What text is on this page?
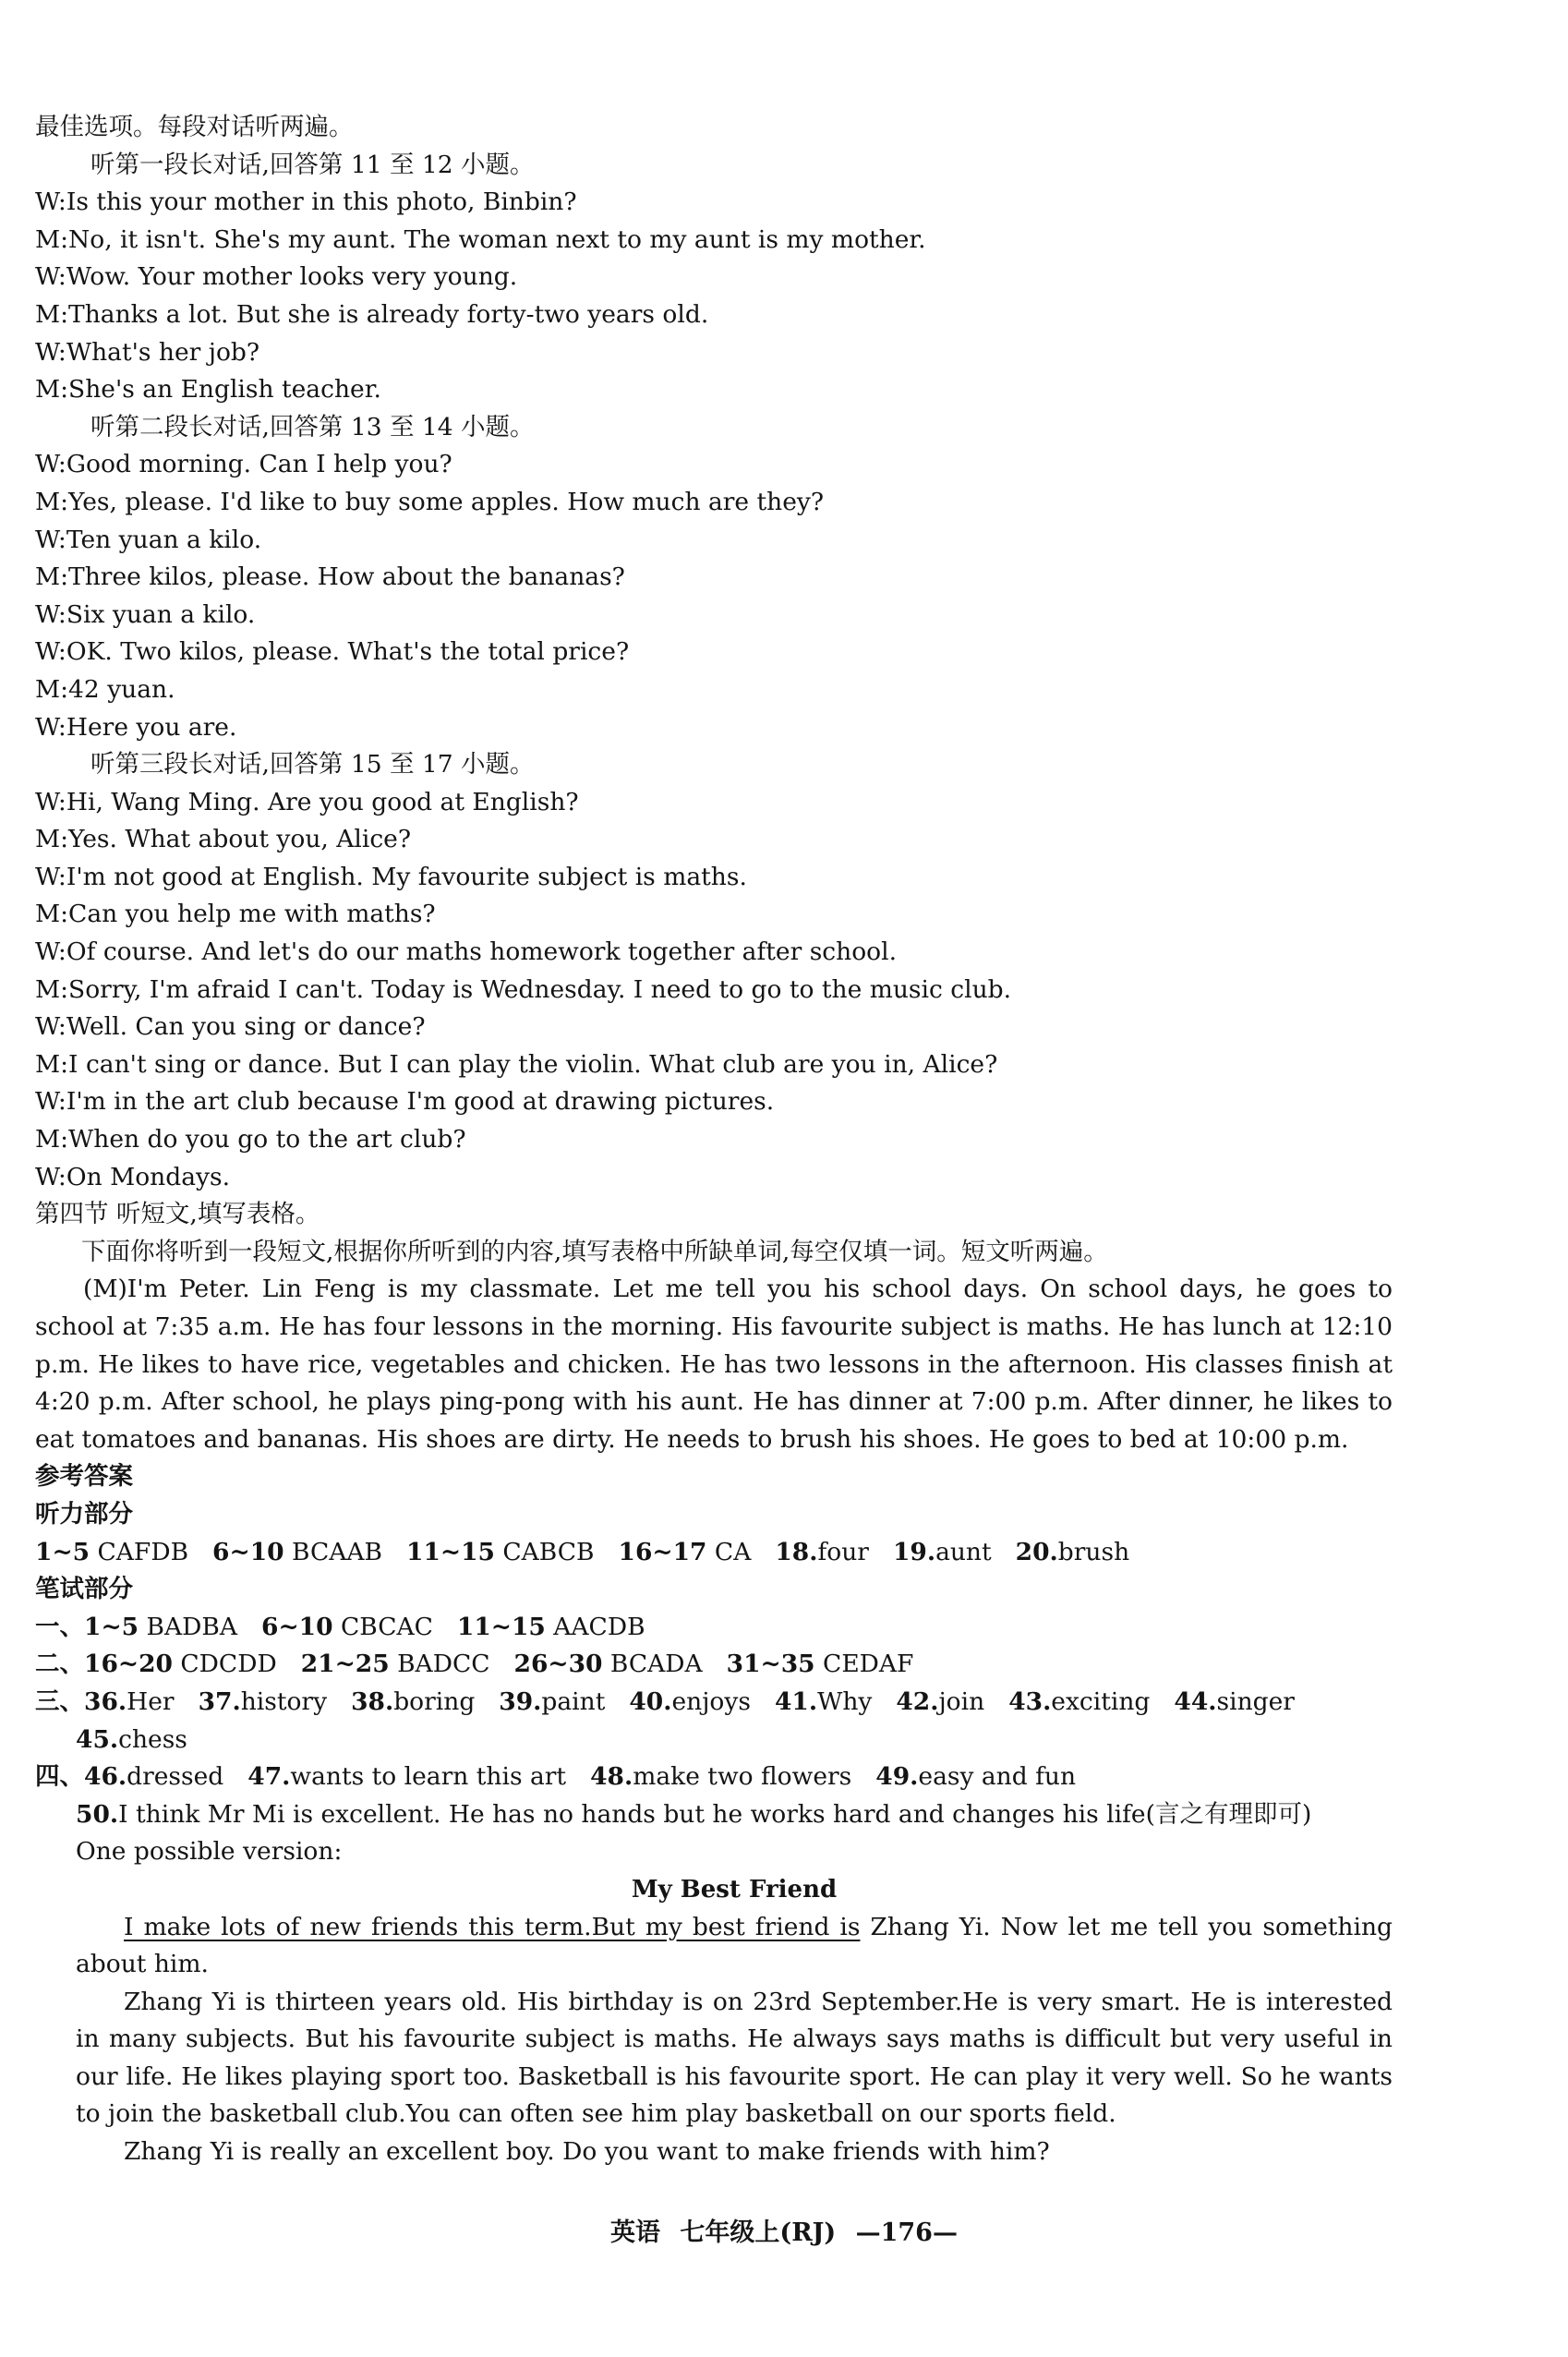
最佳选项。每段对话听两遍。
听第一段长对话,回答第 11 至 12 小题。
W:Is this your mother in this photo, Binbin?
M:No, it isn't. She's my aunt. The woman next to my aunt is my mother.
W:Wow. Your mother looks very young.
M:Thanks a lot. But she is already forty-two years old.
W:What's her job?
M:She's an English teacher.
听第二段长对话,回答第 13 至 14 小题。
W:Good morning. Can I help you?
M:Yes, please. I'd like to buy some apples. How much are they?
W:Ten yuan a kilo.
M:Three kilos, please. How about the bananas?
W:Six yuan a kilo.
W:OK. Two kilos, please. What's the total price?
M:42 yuan.
W:Here you are.
听第三段长对话,回答第 15 至 17 小题。
W:Hi, Wang Ming. Are you good at English?
M:Yes. What about you, Alice?
W:I'm not good at English. My favourite subject is maths.
M:Can you help me with maths?
W:Of course. And let's do our maths homework together after school.
M:Sorry, I'm afraid I can't. Today is Wednesday. I need to go to the music club.
W:Well. Can you sing or dance?
M:I can't sing or dance. But I can play the violin. What club are you in, Alice?
W:I'm in the art club because I'm good at drawing pictures.
M:When do you go to the art club?
W:On Mondays.
第四节 听短文,填写表格。
下面你将听到一段短文,根据你所听到的内容,填写表格中所缺单词,每空仅填一词。短文听两遍。
(M)I'm Peter. Lin Feng is my classmate. Let me tell you his school days. On school days, he goes to school at 7:35 a.m. He has four lessons in the morning. His favourite subject is maths. He has lunch at 12:10 p.m. He likes to have rice, vegetables and chicken. He has two lessons in the afternoon. His classes finish at 4:20 p.m. After school, he plays ping-pong with his aunt. He has dinner at 7:00 p.m. After dinner, he likes to eat tomatoes and bananas. His shoes are dirty. He needs to brush his shoes. He goes to bed at 10:00 p.m.
参考答案
听力部分
1~5 CAFDB 6~10 BCAAB 11~15 CABCB 16~17 CA 18.four 19.aunt 20.brush
笔试部分
一、1~5 BADBA 6~10 CBCAC 11~15 AACDB
二、16~20 CDCDD 21~25 BADCC 26~30 BCADA 31~35 CEDAF
三、36.Her 37.history 38.boring 39.paint 40.enjoys 41.Why 42.join 43.exciting 44.singer
45.chess
四、46.dressed 47.wants to learn this art 48.make two flowers 49.easy and fun
50.I think Mr Mi is excellent. He has no hands but he works hard and changes his life(言之有理即可)
One possible version:
My Best Friend
I make lots of new friends this term.But my best friend is Zhang Yi. Now let me tell you something about him.
Zhang Yi is thirteen years old. His birthday is on 23rd September.He is very smart. He is interested in many subjects. But his favourite subject is maths. He always says maths is difficult but very useful in our life. He likes playing sport too. Basketball is his favourite sport. He can play it very well. So he wants to join the basketball club.You can often see him play basketball on our sports field.
Zhang Yi is really an excellent boy. Do you want to make friends with him?
英语 七年级上(RJ) —176—
